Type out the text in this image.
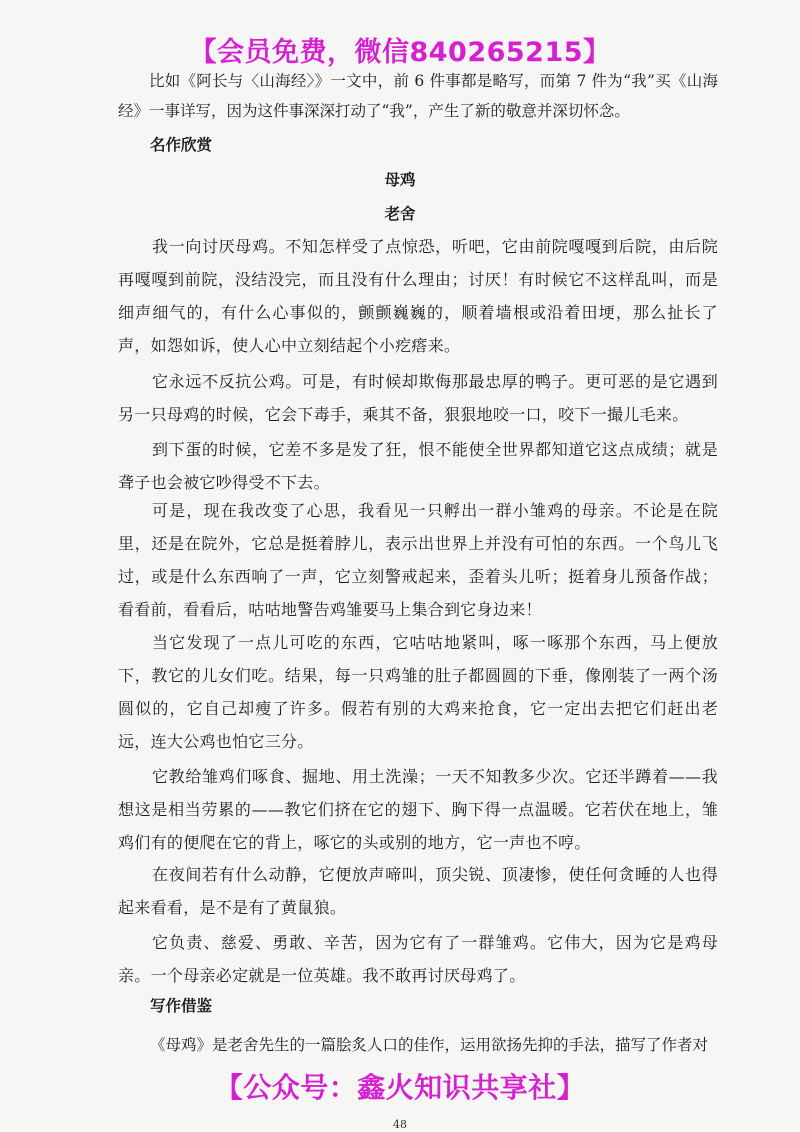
【会员免费，微信840265215】

比如《阿长与〈山海经〉》一文中，前 6 件事都是略写，而第 7 件为“我”买《山海经》一事详写，因为这件事深深打动了“我”，产生了新的敬意并深切怀念。

名作欣赏

母鸡

老舍

我一向讨厌母鸡。不知怎样受了点惊恐，听吧，它由前院嘎嘎到后院，由后院再嘎嘎到前院，没结没完，而且没有什么理由；讨厌！有时候它不这样乱叫，而是细声细气的，有什么心事似的，颤颤巍巍的，顺着墙根或沿着田埂，那么扯长了声，如怨如诉，使人心中立刻结起个小疙瘩来。

它永远不反抗公鸡。可是，有时候却欺侮那最忠厚的鸭子。更可恶的是它遇到另一只母鸡的时候，它会下毒手，乘其不备，狠狠地咬一口，咬下一撮儿毛来。

到下蛋的时候，它差不多是发了狂，恨不能使全世界都知道它这点成绩；就是聋子也会被它吵得受不下去。

可是，现在我改变了心思，我看见一只孵出一群小雏鸡的母亲。不论是在院里，还是在院外，它总是挺着脖儿，表示出世界上并没有可怕的东西。一个鸟儿飞过，或是什么东西响了一声，它立刻警戒起来，歪着头儿听；挺着身儿预备作战；看看前，看看后，咕咕地警告鸡雏要马上集合到它身边来！

当它发现了一点儿可吃的东西，它咕咕地紧叫，啄一啄那个东西，马上便放下，教它的儿女们吃。结果，每一只鸡雏的肚子都圆圆的下垂，像刚装了一两个汤圆似的，它自己却瘦了许多。假若有别的大鸡来抢食，它一定出去把它们赶出老远，连大公鸡也怕它三分。

它教给雏鸡们啄食、掘地、用土洗澡；一天不知教多少次。它还半蹲着——我想这是相当劳累的——教它们挤在它的翅下、胸下得一点温暖。它若伏在地上，雏鸡们有的便爬在它的背上，啄它的头或别的地方，它一声也不哼。

在夜间若有什么动静，它便放声啼叫，顶尖锐、顶凄惨，使任何贪睡的人也得起来看看，是不是有了黄鼠狼。

它负责、慈爱、勇敢、辛苦，因为它有了一群雏鸡。它伟大，因为它是鸡母亲。一个母亲必定就是一位英雄。我不敢再讨厌母鸡了。

写作借鉴

《母鸡》是老舍先生的一篇脍炙人口的佳作，运用欲扬先抑的手法，描写了作者对

【公众号：鑫火知识共享社】
48
